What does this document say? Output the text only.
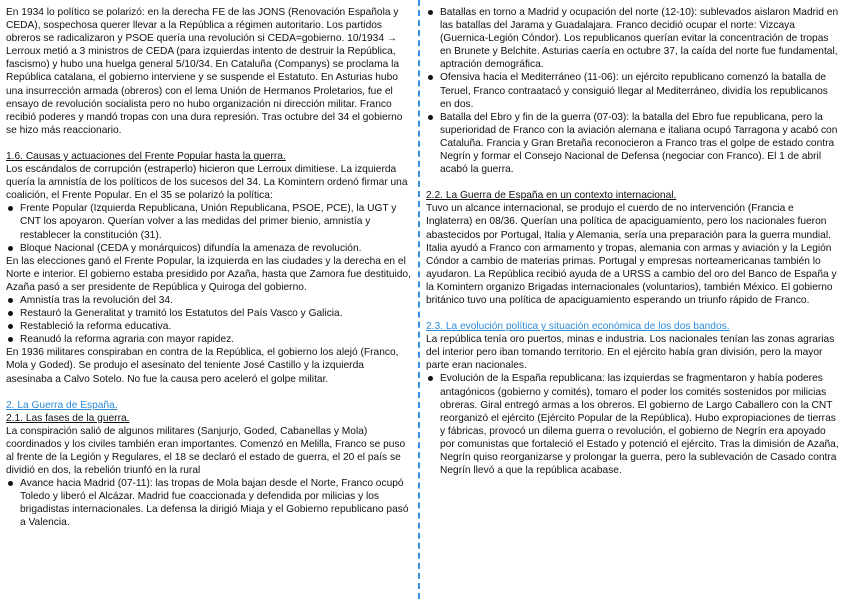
En 1934 lo político se polarizó: en la derecha FE de las JONS (Renovación Española y CEDA), sospechosa querer llevar a la República a régimen autoritario. Los partidos obreros se radicalizaron y PSOE quería una revolución si CEDA=gobierno. 10/1934 → Lerroux metió a 3 ministros de CEDA (para izquierdas intento de destruir la República, fascismo) y hubo una huelga general 5/10/34. En Cataluña (Companys) se proclama la República catalana, el gobierno interviene y se suspende el Estatuto. En Asturias hubo una insurrección armada (obreros) con el lema Unión de Hermanos Proletarios, fue el ensayo de revolución socialista pero no hubo organización ni dirección militar. Franco recibió poderes y mandó tropas con una dura represión. Tras octubre del 34 el gobierno se hizo más reaccionario.

1.6. Causas y actuaciones del Frente Popular hasta la guerra.

Los escándalos de corrupción (estraperlo) hicieron que Lerroux dimitiese. La izquierda quería la amnistía de los políticos de los sucesos del 34. La Komintern ordenó firmar una coalición, el Frente Popular. En el 35 se polarizó la política:

Frente Popular (Izquierda Republicana, Unión Republicana, PSOE, PCE), la UGT y CNT los apoyaron. Querían volver a las medidas del primer bienio, amnistía y restablecer la constitución (31).
Bloque Nacional (CEDA y monárquicos) difundía la amenaza de revolución.

En las elecciones ganó el Frente Popular, la izquierda en las ciudades y la derecha en el Norte e interior. El gobierno estaba presidido por Azaña, hasta que Zamora fue destituido, Azaña pasó a ser presidente de República y Quiroga del gobierno.

Amnistía tras la revolución del 34.
Restauró la Generalitat y tramitó los Estatutos del País Vasco y Galicia.
Restableció la reforma educativa.
Reanudó la reforma agraria con mayor rapidez.

En 1936 militares conspiraban en contra de la República, el gobierno los alejó (Franco, Mola y Goded). Se produjo el asesinato del teniente José Castillo y la izquierda asesinaba a Calvo Sotelo. No fue la causa pero aceleró el golpe militar.

2. La Guerra de España.
2.1. Las fases de la guerra.

La conspiración salió de algunos militares (Sanjurjo, Goded, Cabanellas y Mola) coordinados y los civiles también eran importantes. Comenzó en Melilla, Franco se puso al frente de la Legión y Regulares, el 18 se declaró el estado de guerra, el 20 el país se dividió en dos, la rebelión triunfó en la rural

Avance hacia Madrid (07-11): las tropas de Mola bajan desde el Norte, Franco ocupó Toledo y liberó el Alcázar. Madrid fue coaccionada y defendida por milicias y los brigadistas internacionales. La defensa la dirigió Miaja y el Gobierno republicano pasó a Valencia.
Batallas en torno a Madrid y ocupación del norte (12-10): sublevados aislaron Madrid en las batallas del Jarama y Guadalajara. Franco decidió ocupar el norte: Vizcaya (Guernica-Legión Cóndor). Los republicanos querían evitar la concentración de tropas en Brunete y Belchite. Asturias caería en octubre 37, la caída del norte fue fundamental, aptración demográfica.
Ofensiva hacia el Mediterráneo (11-06): un ejército republicano comenzó la batalla de Teruel, Franco contraatacó y consiguió llegar al Mediterráneo, dividía los republicanos en dos.
Batalla del Ebro y fin de la guerra (07-03): la batalla del Ebro fue republicana, pero la superioridad de Franco con la aviación alemana e italiana ocupó Tarragona y acabó con Cataluña. Francia y Gran Bretaña reconocieron a Franco tras el golpe de estado contra Negrín y formar el Consejo Nacional de Defensa (negociar con Franco). El 1 de abril acabó la guerra.
2.2. La Guerra de España en un contexto internacional.

Tuvo un alcance internacional, se produjo el cuerdo de no intervención (Francia e Inglaterra) en 08/36. Querían una política de apaciguamiento, pero los nacionales fueron abastecidos por Portugal, Italia y Alemania, sería una preparación para la guerra mundial. Italia ayudó a Franco con armamento y tropas, alemania con armas y aviación y la Legión Cóndor a cambio de materias primas. Portugal y empresas norteamericanas también lo ayudaron. La República recibió ayuda de a URSS a cambio del oro del Banco de España y la Komintern organizo Brigadas internacionales (voluntarios), también México. El gobierno británico tuvo una política de apaciguamiento esperando un triunfo rápido de Franco.

2.3. La evolución política y situación económica de los dos bandos.

La república tenía oro puertos, minas e industria. Los nacionales tenían las zonas agrarias del interior pero iban tomando territorio. En el ejército había gran división, pero la mayor parte eran nacionales.

Evolución de la España republicana: las izquierdas se fragmentaron y había poderes antagónicos (gobierno y comités), tomaro el poder los comités sostenidos por milicias obreras. Giral entregó armas a los obreros. El gobierno de Largo Caballero con la CNT reorganizó el ejército (Ejército Popular de la República). Hubo expropiaciones de tierras y fábricas, provocó un dilema guerra o revolución, el gobierno de Negrín era apoyado por comunistas que fortaleció el Estado y potenció el ejército. Tras la dimisión de Azaña, Negrín quiso reorganizarse y prolongar la guerra, pero la sublevación de Casado contra Negrín llevó a que la república acabase.
